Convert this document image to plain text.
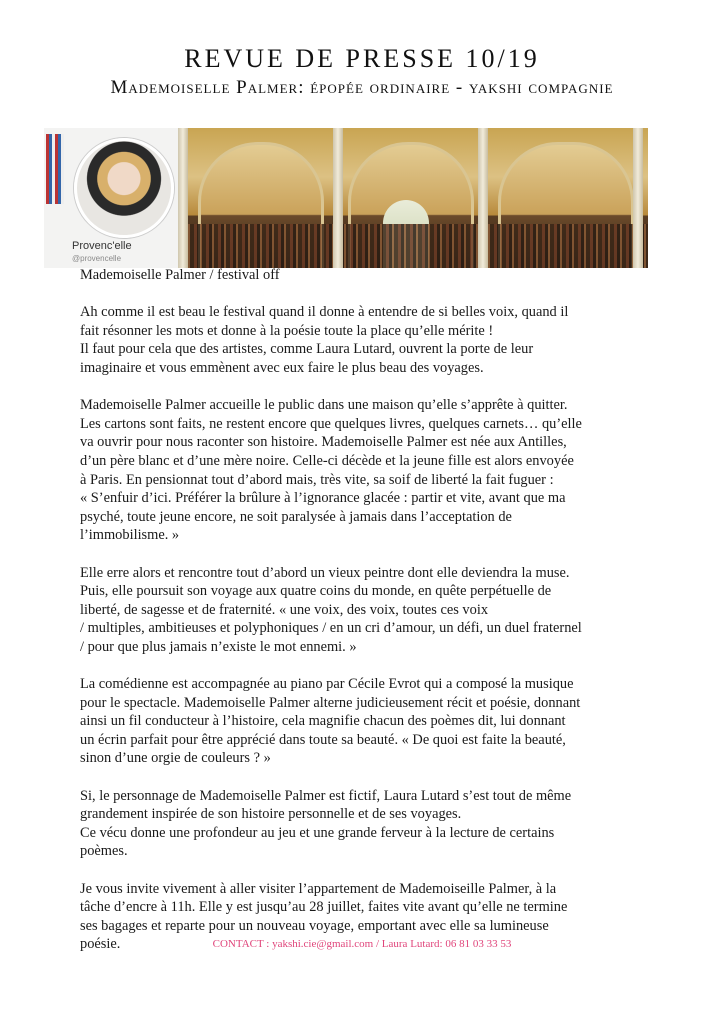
REVUE DE PRESSE 10/19
Mademoiselle Palmer: épopée ordinaire - yakshi compagnie
Provenc'elle
@provencelle

Mademoiselle Palmer / festival off

Ah comme il est beau le festival quand il donne à entendre de si belles voix, quand il

fait résonner les mots et donne à la poésie toute la place qu’elle mérite !

Il faut pour cela que des artistes, comme Laura Lutard, ouvrent la porte de leur

imaginaire et vous emmènent avec eux faire le plus beau des voyages.

Mademoiselle Palmer accueille le public dans une maison qu’elle s’apprête à quitter.

Les cartons sont faits, ne restent encore que quelques livres, quelques carnets… qu’elle

va ouvrir pour nous raconter son histoire. Mademoiselle Palmer est née aux Antilles,

d’un père blanc et d’une mère noire. Celle-ci décède et la jeune fille est alors envoyée

à Paris. En pensionnat tout d’abord mais, très vite, sa soif de liberté la fait fuguer :

« S’enfuir d’ici. Préférer la brûlure à l’ignorance glacée : partir et vite, avant que ma

psyché, toute jeune encore, ne soit paralysée à jamais dans l’acceptation de

l’immobilisme. »

Elle erre alors et rencontre tout d’abord un vieux peintre dont elle deviendra la muse.

Puis, elle poursuit son voyage aux quatre coins du monde, en quête perpétuelle de

liberté, de sagesse et de fraternité. « une voix, des voix, toutes ces voix

/ multiples, ambitieuses et polyphoniques / en un cri d’amour, un défi, un duel fraternel

/ pour que plus jamais n’existe le mot ennemi. »

La comédienne est accompagnée au piano par Cécile Evrot qui a composé la musique

pour le spectacle. Mademoiselle Palmer alterne judicieusement récit et poésie, donnant

ainsi un fil conducteur à l’histoire, cela magnifie chacun des poèmes dit, lui donnant

un écrin parfait pour être apprécié dans toute sa beauté. « De quoi est faite la beauté,

sinon d’une orgie de couleurs ? »

Si, le personnage de Mademoiselle Palmer est fictif, Laura Lutard s’est tout de même

grandement inspirée de son histoire personnelle et de ses voyages.

Ce vécu donne une profondeur au jeu et une grande ferveur à la lecture de certains

poèmes.

Je vous invite vivement à aller visiter l’appartement de Mademoiseille Palmer, à la

tâche d’encre à 11h. Elle y est jusqu’au 28 juillet, faites vite avant qu’elle ne termine

ses bagages et reparte pour un nouveau voyage, emportant avec elle sa lumineuse

poésie.	CONTACT : yakshi.cie@gmail.com / Laura Lutard: 06 81 03 33 53
